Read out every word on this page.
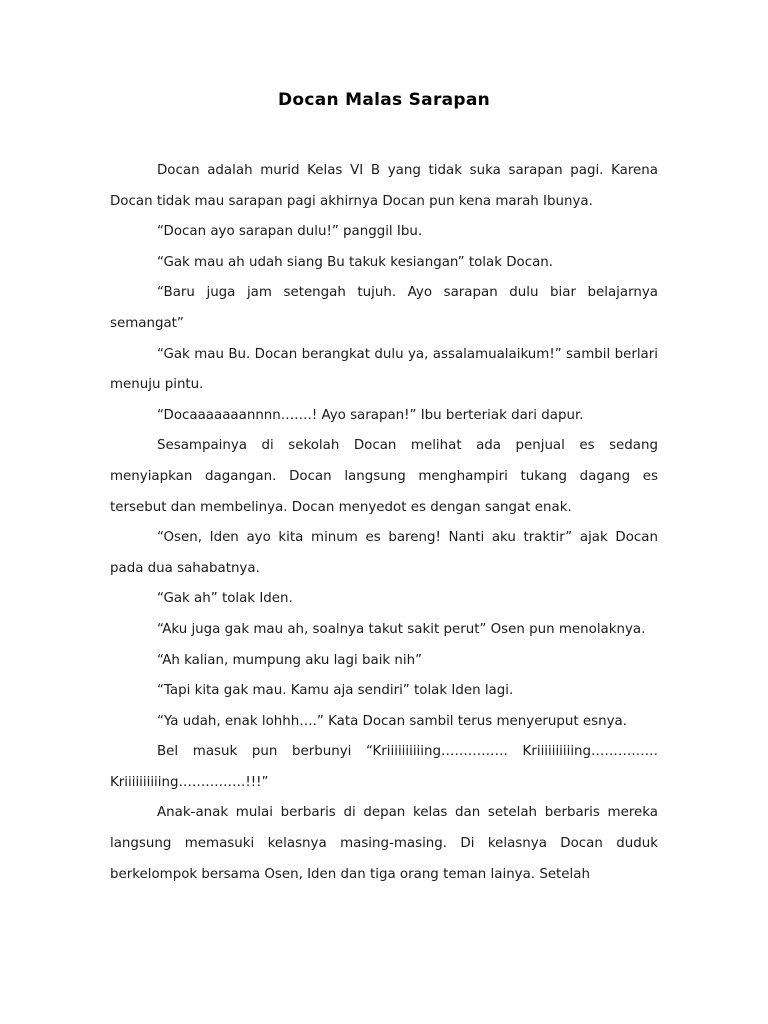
Docan Malas Sarapan

Docan adalah murid Kelas VI B yang tidak suka sarapan pagi. Karena Docan tidak mau sarapan pagi akhirnya Docan pun kena marah Ibunya.

“Docan ayo sarapan dulu!” panggil Ibu.

“Gak mau ah udah siang Bu takuk kesiangan” tolak Docan.

“Baru juga jam setengah tujuh. Ayo sarapan dulu biar belajarnya semangat”

“Gak mau Bu. Docan berangkat dulu ya, assalamualaikum!” sambil berlari menuju pintu.

“Docaaaaaaannnn…….! Ayo sarapan!” Ibu berteriak dari dapur.

Sesampainya di sekolah Docan melihat ada penjual es sedang menyiapkan dagangan. Docan langsung menghampiri tukang dagang es tersebut dan membelinya. Docan menyedot es dengan sangat enak.

“Osen, Iden ayo kita minum es bareng! Nanti aku traktir” ajak Docan pada dua sahabatnya.

“Gak ah” tolak Iden.

“Aku juga gak mau ah, soalnya takut sakit perut” Osen pun menolaknya.

“Ah kalian, mumpung aku lagi baik nih”

“Tapi kita gak mau. Kamu aja sendiri” tolak Iden lagi.

“Ya udah, enak lohhh….” Kata Docan sambil terus menyeruput esnya.

Bel masuk pun berbunyi “Kriiiiiiiiiing…………… Kriiiiiiiiiing…………… Kriiiiiiiiiing……………!!!”

Anak-anak mulai berbaris di depan kelas dan setelah berbaris mereka langsung memasuki kelasnya masing-masing. Di kelasnya Docan duduk berkelompok bersama Osen, Iden dan tiga orang teman lainya. Setelah
